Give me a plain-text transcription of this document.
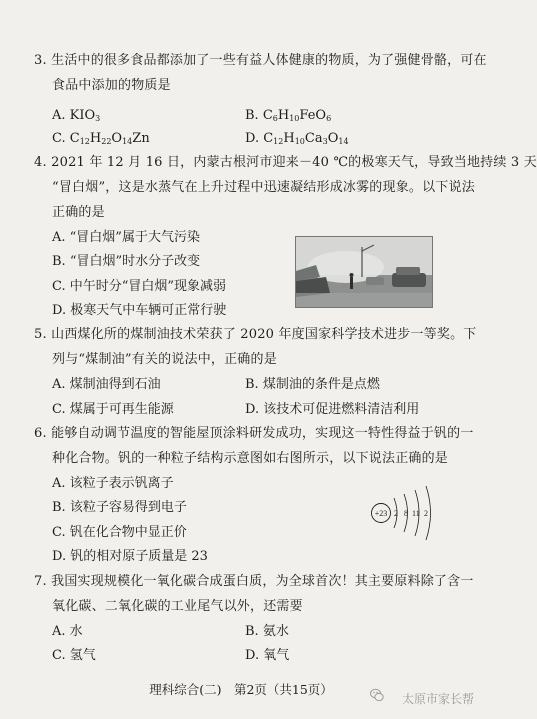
3. 生活中的很多食品都添加了一些有益人体健康的物质，为了强健骨骼，可在
食品中添加的物质是
A. $KIO_3$	B. $C_6H_{10}FeO_6$
C. $C_{12}H_{22}O_{14}Zn$	D. $C_{12}H_{10}Ca_3O_{14}$
4. 2021 年 12 月 16 日，内蒙古根河市迎来－40 ℃的极寒天气，导致当地持续 3 天
“冒白烟”，这是水蒸气在上升过程中迅速凝结形成冰雾的现象。以下说法
正确的是
A. “冒白烟”属于大气污染
B. “冒白烟”时水分子改变
C. 中午时分“冒白烟”现象减弱
D. 极寒天气中车辆可正常行驶
5. 山西煤化所的煤制油技术荣获了 2020 年度国家科学技术进步一等奖。下
列与“煤制油”有关的说法中，正确的是
A. 煤制油得到石油	B. 煤制油的条件是点燃
C. 煤属于可再生能源	D. 该技术可促进燃料清洁利用
6. 能够自动调节温度的智能屋顶涂料研发成功，实现这一特性得益于钒的一
种化合物。钒的一种粒子结构示意图如右图所示，以下说法正确的是
A. 该粒子表示钒离子
B. 该粒子容易得到电子
C. 钒在化合物中显正价
D. 钒的相对原子质量是 23
+23 2 8 11 2
7. 我国实现规模化一氧化碳合成蛋白质，为全球首次！其主要原料除了含一
氧化碳、二氧化碳的工业尾气以外，还需要
A. 水	B. 氨水
C. 氢气	D. 氧气
理科综合(二)　第2页（共15页）
太原市家长帮
